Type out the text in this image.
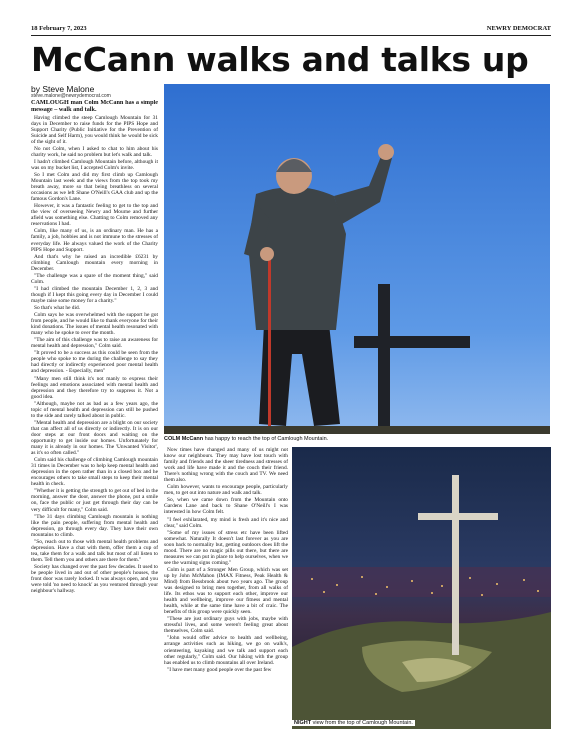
18 February 7, 2023	NEWRY DEMOCRAT
McCann walks and talks up
by Steve Malone
steve.malone@newrydemocrat.com

CAMLOUGH man Colm McCann has a simple message – walk and talk.

Having climbed the steep Camlough Mountain for 31 days in December to raise funds for the PIPS Hope and Support Charity (Public Initiative for the Prevention of Suicide and Self Harm), you would think he would be sick of the sight of it.

No not Colm, when I asked to chat to him about his charity work, he said no problem but let's walk and talk.

I hadn't climbed Camlough Mountain before, although it was on my bucket list, I accepted Colm's invite.

So I met Colm and did my first climb up Camlough Mountain last week and the views from the top took my breath away, more so that being breathless on several occasions as we left Shane O'Neill's GAA club and up the famous Gordon's Lane.

However, it was a fantastic feeling to get to the top and the view of overseeing Newry and Mourne and further afield was something else. Chatting to Colm removed any reservations I had.

Colm, like many of us, is an ordinary man. He has a family, a job, hobbies and is not immune to the stresses of everyday life. He always valued the work of the Charity PIPS Hope and Support.

And that's why he raised an incredible £6231 by climbing Camlough mountain every morning in December.

"The challenge was a spare of the moment thing," said Colm.

"I had climbed the mountain December 1, 2, 3 and though if I kept this going every day in December I could maybe raise some money for a charity."

So that's what he did.

Colm says he was overwhelmed with the support he got from people, and he would like to thank everyone for their kind donations. The issues of mental health resonated with many who he spoke to over the month.

"The aim of this challenge was to raise an awareness for mental health and depression," Colm said.

"It proved to be a success as this could be seen from the people who spoke to me during the challenge to say they had directly or indirectly experienced poor mental health and depression. - Especially, men"

"Many men still think it's not manly to express their feelings and emotions associated with mental health and depression and they therefore try to suppress it. Not a good idea.

"Although, maybe not as bad as a few years ago, the topic of mental health and depression can still be pushed to the side and rarely talked about in public.

"Mental health and depression are a blight on our society that can affect all of us directly or indirectly. It is on our door steps at our front doors and waiting on the opportunity to get inside our homes. Unfortunately for many it is already in our homes. The 'Unwanted Visitor', as it's so often called."

Colm said his challenge of climbing Camlough mountain 31 times in December was to help keep mental health and depression in the open rather than in a closed box and he encourages others to take small steps to keep their mental health in check.

"Whether it is getting the strength to get out of bed in the morning, answer the door, answer the phone, put a smile on, face the public or just get through their day can be very difficult for many," Colm said.

"The 31 days climbing Camlough mountain is nothing like the pain people, suffering from mental health and depression, go through every day. They have their own mountains to climb.

"So, reach out to those with mental health problems and depression. Have a chat with them, offer them a cup of tea, take them for a walk and talk but most of all listen to them. Tell them you and others are there for them."

Society has changed over the past few decades. It used to be people lived in and out of other people's houses, the front door was rarely locked. It was always open, and you were told 'no need to knock' as you ventured through your neighbour's hallway.

COLM McCann has happy to reach the top of Camlough Mountain.

Now times have changed and many of us might not know our neighbours. They may have lost touch with family and friends and the sheer tiredness and stresses of work and life have made it and the couch their friend. There's nothing wrong with the couch and TV. We need them also.

Colm however, wants to encourage people, particularly men, to get out into nature and walk and talk.

So, when we came down from the Mountain onto Gardens Lane and back to Shane O'Neill's I was interested in how Colm felt.

"I feel exhilarated, my mind is fresh and it's nice and clear," said Colm.

"Some of my issues of stress etc have been lifted somewhat. Naturally It doesn't last forever as you are soon back to normality but, getting outdoors does lift the mood. There are no magic pills out there, but there are measures we can put in place to help ourselves, when we see the warning signs coming."

Colm is part of a Stronger Men Group, which was set up by John McMahon (IMAX Fitness, Peak Health & Mind) from Bessbrook about two years ago. The group was designed to bring men together, from all walks of life. Its ethos was to support each other, improve our health and wellbeing, improve our fitness and mental health, while at the same time have a bit of craic. The benefits of this group were quickly seen.

"These are just ordinary guys with jobs, maybe with stressful lives, and some weren't feeling great about themselves, Colm said.

"John would offer advice to health and wellbeing, arrange activities such as hiking, we go on walk's, orienteering, kayaking and we talk and support each other regularly," Colm said. Our hiking with the group has enabled us to climb mountains all over Ireland.

"I have met many good people over the past few

NIGHT view from the top of Camlough Mountain.
